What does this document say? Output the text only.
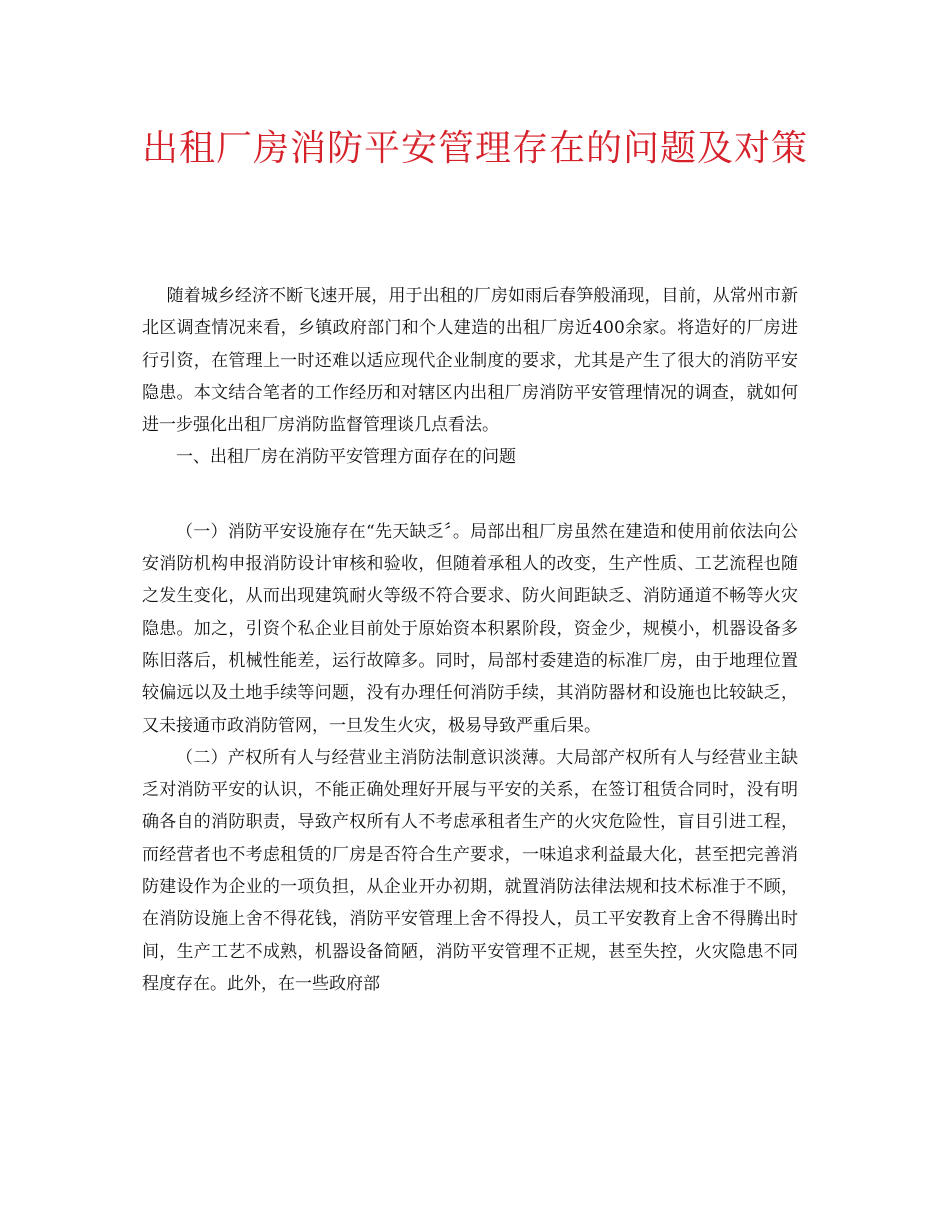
出租厂房消防平安管理存在的问题及对策

随着城乡经济不断飞速开展，用于出租的厂房如雨后春笋般涌现，目前，从常州市新北区调查情况来看，乡镇政府部门和个人建造的出租厂房近400余家。将造好的厂房进行引资，在管理上一时还难以适应现代企业制度的要求，尤其是产生了很大的消防平安隐患。本文结合笔者的工作经历和对辖区内出租厂房消防平安管理情况的调查，就如何进一步强化出租厂房消防监督管理谈几点看法。

一、出租厂房在消防平安管理方面存在的问题

（一）消防平安设施存在“先天缺乏〞。局部出租厂房虽然在建造和使用前依法向公安消防机构申报消防设计审核和验收，但随着承租人的改变，生产性质、工艺流程也随之发生变化，从而出现建筑耐火等级不符合要求、防火间距缺乏、消防通道不畅等火灾隐患。加之，引资个私企业目前处于原始资本积累阶段，资金少，规模小，机器设备多陈旧落后，机械性能差，运行故障多。同时，局部村委建造的标准厂房，由于地理位置较偏远以及土地手续等问题，没有办理任何消防手续，其消防器材和设施也比较缺乏，又未接通市政消防管网，一旦发生火灾，极易导致严重后果。

（二）产权所有人与经营业主消防法制意识淡薄。大局部产权所有人与经营业主缺乏对消防平安的认识，不能正确处理好开展与平安的关系，在签订租赁合同时，没有明确各自的消防职责，导致产权所有人不考虑承租者生产的火灾危险性，盲目引进工程，而经营者也不考虑租赁的厂房是否符合生产要求，一味追求利益最大化，甚至把完善消防建设作为企业的一项负担，从企业开办初期，就置消防法律法规和技术标准于不顾，在消防设施上舍不得花钱，消防平安管理上舍不得投人，员工平安教育上舍不得腾出时间，生产工艺不成熟，机器设备简陋，消防平安管理不正规，甚至失控，火灾隐患不同程度存在。此外，在一些政府部
